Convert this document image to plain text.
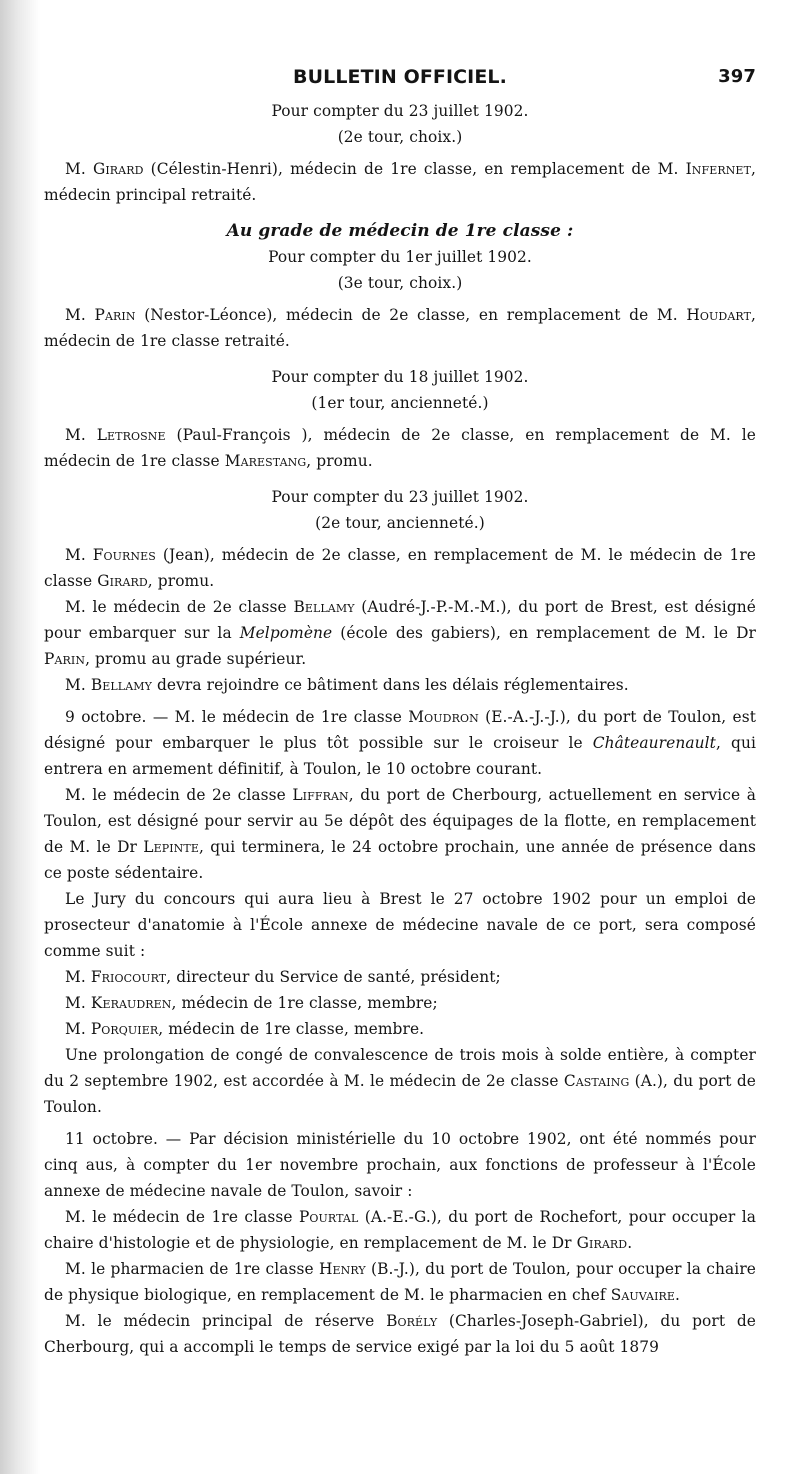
BULLETIN OFFICIEL.	397
Pour compter du 23 juillet 1902.
(2e tour, choix.)

M. Girard (Célestin-Henri), médecin de 1re classe, en remplacement de M. Infernet, médecin principal retraité.

Au grade de médecin de 1re classe :
Pour compter du 1er juillet 1902.
(3e tour, choix.)

M. Parin (Nestor-Léonce), médecin de 2e classe, en remplacement de M. Houdart, médecin de 1re classe retraité.

Pour compter du 18 juillet 1902.
(1er tour, ancienneté.)

M. Letrosne (Paul-François ), médecin de 2e classe, en remplacement de M. le médecin de 1re classe Marestang, promu.

Pour compter du 23 juillet 1902.
(2e tour, ancienneté.)

M. Fournes (Jean), médecin de 2e classe, en remplacement de M. le médecin de 1re classe Girard, promu.

M. le médecin de 2e classe Bellamy (Audré-J.-P.-M.-M.), du port de Brest, est désigné pour embarquer sur la Melpomène (école des gabiers), en remplacement de M. le Dr Parin, promu au grade supérieur.

M. Bellamy devra rejoindre ce bâtiment dans les délais réglementaires.

9 octobre. — M. le médecin de 1re classe Moudron (E.-A.-J.-J.), du port de Toulon, est désigné pour embarquer le plus tôt possible sur le croiseur le Châteaurenault, qui entrera en armement définitif, à Toulon, le 10 octobre courant.

M. le médecin de 2e classe Liffran, du port de Cherbourg, actuellement en service à Toulon, est désigné pour servir au 5e dépôt des équipages de la flotte, en remplacement de M. le Dr Lepinte, qui terminera, le 24 octobre prochain, une année de présence dans ce poste sédentaire.

Le Jury du concours qui aura lieu à Brest le 27 octobre 1902 pour un emploi de prosecteur d'anatomie à l'École annexe de médecine navale de ce port, sera composé comme suit :

M. Friocourt, directeur du Service de santé, président;

M. Keraudren, médecin de 1re classe, membre;

M. Porquier, médecin de 1re classe, membre.

Une prolongation de congé de convalescence de trois mois à solde entière, à compter du 2 septembre 1902, est accordée à M. le médecin de 2e classe Castaing (A.), du port de Toulon.

11 octobre. — Par décision ministérielle du 10 octobre 1902, ont été nommés pour cinq aus, à compter du 1er novembre prochain, aux fonctions de professeur à l'École annexe de médecine navale de Toulon, savoir :

M. le médecin de 1re classe Pourtal (A.-E.-G.), du port de Rochefort, pour occuper la chaire d'histologie et de physiologie, en remplacement de M. le Dr Girard.

M. le pharmacien de 1re classe Henry (B.-J.), du port de Toulon, pour occuper la chaire de physique biologique, en remplacement de M. le pharmacien en chef Sauvaire.

M. le médecin principal de réserve Borély (Charles-Joseph-Gabriel), du port de Cherbourg, qui a accompli le temps de service exigé par la loi du 5 août 1879
